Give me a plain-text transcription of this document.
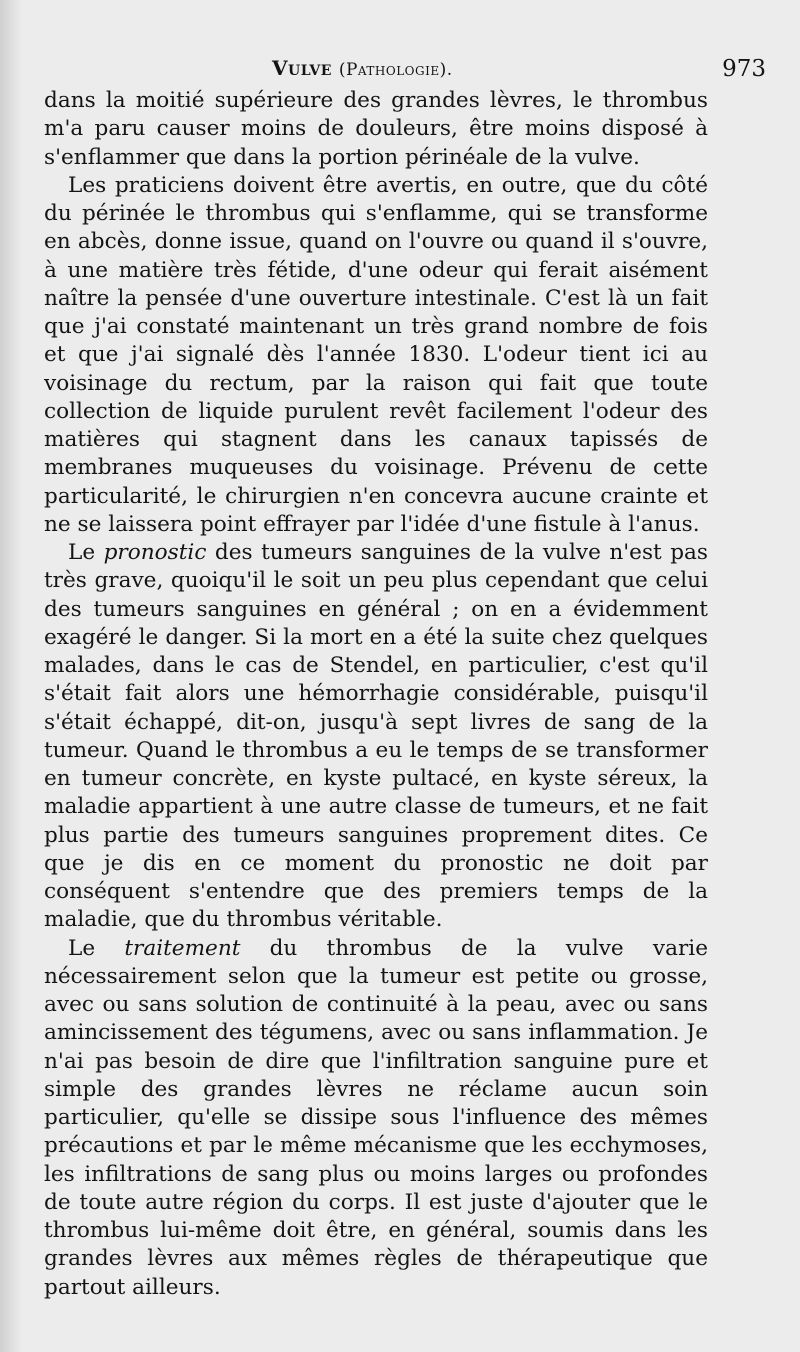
Vulve (Pathologie).	973

dans la moitié supérieure des grandes lèvres, le thrombus m'a paru causer moins de douleurs, être moins disposé à s'enflammer que dans la portion périnéale de la vulve.

Les praticiens doivent être avertis, en outre, que du côté du périnée le thrombus qui s'enflamme, qui se transforme en abcès, donne issue, quand on l'ouvre ou quand il s'ouvre, à une matière très fétide, d'une odeur qui ferait aisément naître la pensée d'une ouverture intestinale. C'est là un fait que j'ai constaté maintenant un très grand nombre de fois et que j'ai signalé dès l'année 1830. L'odeur tient ici au voisinage du rectum, par la raison qui fait que toute collection de liquide purulent revêt facilement l'odeur des matières qui stagnent dans les canaux tapissés de membranes muqueuses du voisinage. Prévenu de cette particularité, le chirurgien n'en concevra aucune crainte et ne se laissera point effrayer par l'idée d'une fistule à l'anus.

Le pronostic des tumeurs sanguines de la vulve n'est pas très grave, quoiqu'il le soit un peu plus cependant que celui des tumeurs sanguines en général ; on en a évidemment exagéré le danger. Si la mort en a été la suite chez quelques malades, dans le cas de Stendel, en particulier, c'est qu'il s'était fait alors une hémorrhagie considérable, puisqu'il s'était échappé, dit-on, jusqu'à sept livres de sang de la tumeur. Quand le thrombus a eu le temps de se transformer en tumeur concrète, en kyste pultacé, en kyste séreux, la maladie appartient à une autre classe de tumeurs, et ne fait plus partie des tumeurs sanguines proprement dites. Ce que je dis en ce moment du pronostic ne doit par conséquent s'entendre que des premiers temps de la maladie, que du thrombus véritable.

Le traitement du thrombus de la vulve varie nécessairement selon que la tumeur est petite ou grosse, avec ou sans solution de continuité à la peau, avec ou sans amincissement des tégumens, avec ou sans inflammation. Je n'ai pas besoin de dire que l'infiltration sanguine pure et simple des grandes lèvres ne réclame aucun soin particulier, qu'elle se dissipe sous l'influence des mêmes précautions et par le même mécanisme que les ecchymoses, les infiltrations de sang plus ou moins larges ou profondes de toute autre région du corps. Il est juste d'ajouter que le thrombus lui-même doit être, en général, soumis dans les grandes lèvres aux mêmes règles de thérapeutique que partout ailleurs.
